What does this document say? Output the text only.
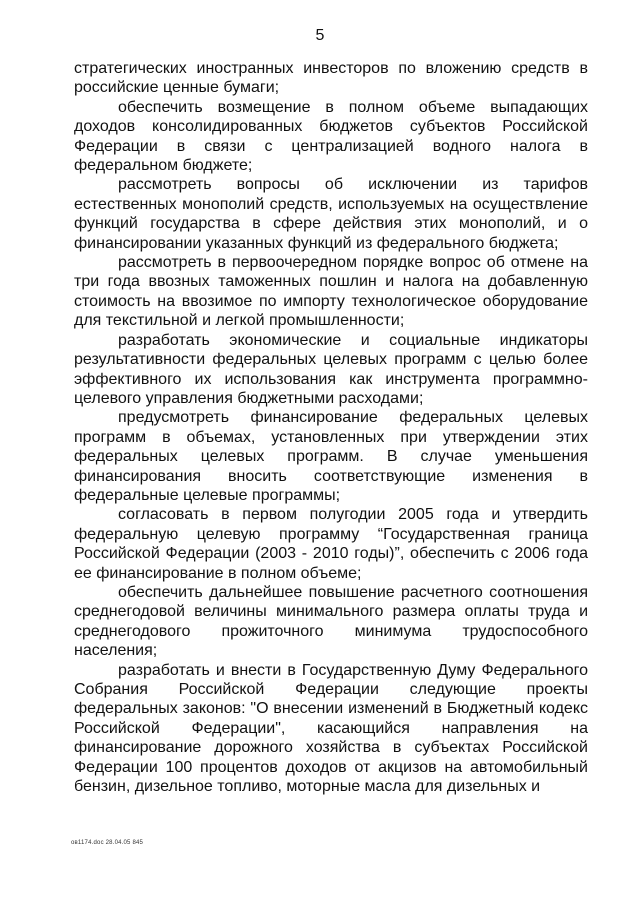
5

стратегических иностранных инвесторов по вложению средств в российские ценные бумаги;

обеспечить возмещение в полном объеме выпадающих доходов консолидированных бюджетов субъектов Российской Федерации в связи с централизацией водного налога в федеральном бюджете;

рассмотреть вопросы об исключении из тарифов естественных монополий средств, используемых на осуществление функций государства в сфере действия этих монополий, и о финансировании указанных функций из федерального бюджета;

рассмотреть в первоочередном порядке вопрос об отмене на три года ввозных таможенных пошлин и налога на добавленную стоимость на ввозимое по импорту технологическое оборудование для текстильной и легкой промышленности;

разработать экономические и социальные индикаторы результативности федеральных целевых программ с целью более эффективного их использования как инструмента программно-целевого управления бюджетными расходами;

предусмотреть финансирование федеральных целевых программ в объемах, установленных при утверждении этих федеральных целевых программ. В случае уменьшения финансирования вносить соответствующие изменения в федеральные целевые программы;

согласовать в первом полугодии 2005 года и утвердить федеральную целевую программу “Государственная граница Российской Федерации (2003 - 2010 годы)”, обеспечить с 2006 года ее финансирование в полном объеме;

обеспечить дальнейшее повышение расчетного соотношения среднегодовой величины минимального размера оплаты труда и среднегодового прожиточного минимума трудоспособного населения;

разработать и внести в Государственную Думу Федерального Собрания Российской Федерации следующие проекты федеральных законов: "О внесении изменений в Бюджетный кодекс Российской Федерации", касающийся направления на финансирование дорожного хозяйства в субъектах Российской Федерации 100 процентов доходов от акцизов на автомобильный бензин, дизельное топливо, моторные масла для дизельных и

ов1174.doc 28.04.05 845
